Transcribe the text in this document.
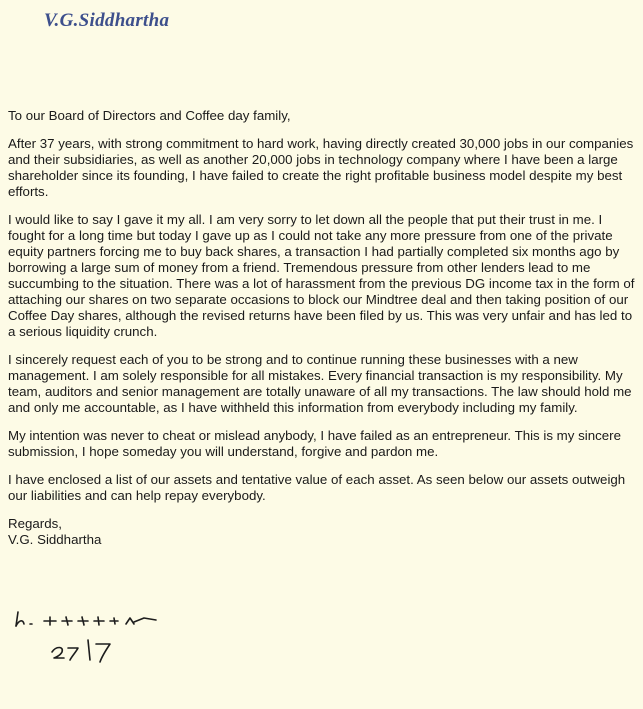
V.G.Siddhartha

To our Board of Directors and Coffee day family,

After 37 years, with strong commitment to hard work, having directly created 30,000 jobs in our companies and their subsidiaries, as well as another 20,000 jobs in technology company where I have been a large shareholder since its founding, I have failed to create the right profitable business model despite my best efforts.

I would like to say I gave it my all. I am very sorry to let down all the people that put their trust in me. I fought for a long time but today I gave up as I could not take any more pressure from one of the private equity partners forcing me to buy back shares, a transaction I had partially completed six months ago by borrowing a large sum of money from a friend. Tremendous pressure from other lenders lead to me succumbing to the situation. There was a lot of harassment from the previous DG income tax in the form of attaching our shares on two separate occasions to block our Mindtree deal and then taking position of our Coffee Day shares, although the revised returns have been filed by us. This was very unfair and has led to a serious liquidity crunch.

I sincerely request each of you to be strong and to continue running these businesses with a new management. I am solely responsible for all mistakes. Every financial transaction is my responsibility. My team, auditors and senior management are totally unaware of all my transactions. The law should hold me and only me accountable, as I have withheld this information from everybody including my family.

My intention was never to cheat or mislead anybody, I have failed as an entrepreneur. This is my sincere submission, I hope someday you will understand, forgive and pardon me.

I have enclosed a list of our assets and tentative value of each asset. As seen below our assets outweigh our liabilities and can help repay everybody.

Regards,
V.G. Siddhartha
